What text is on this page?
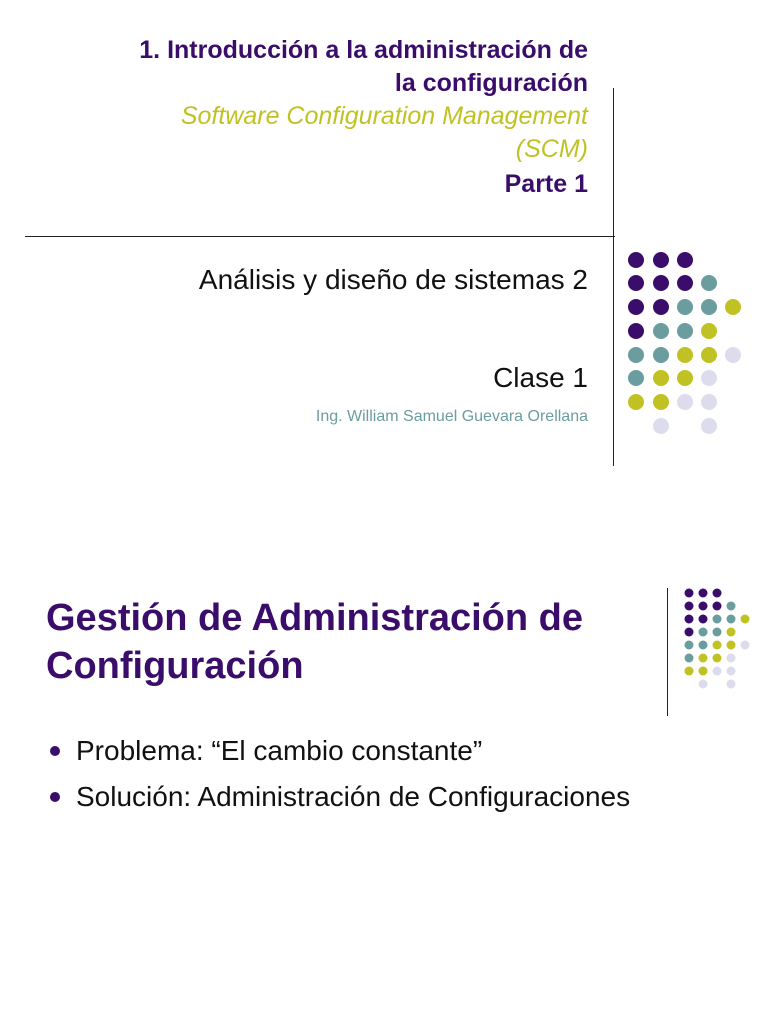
1. Introducción a la administración de
la configuración
Software Configuration Management
(SCM)
Parte 1
Análisis y diseño de sistemas 2
Clase 1
Ing. William Samuel Guevara Orellana
Gestión de Administración de
Configuración
Problema: “El cambio constante”
Solución: Administración de Configuraciones
